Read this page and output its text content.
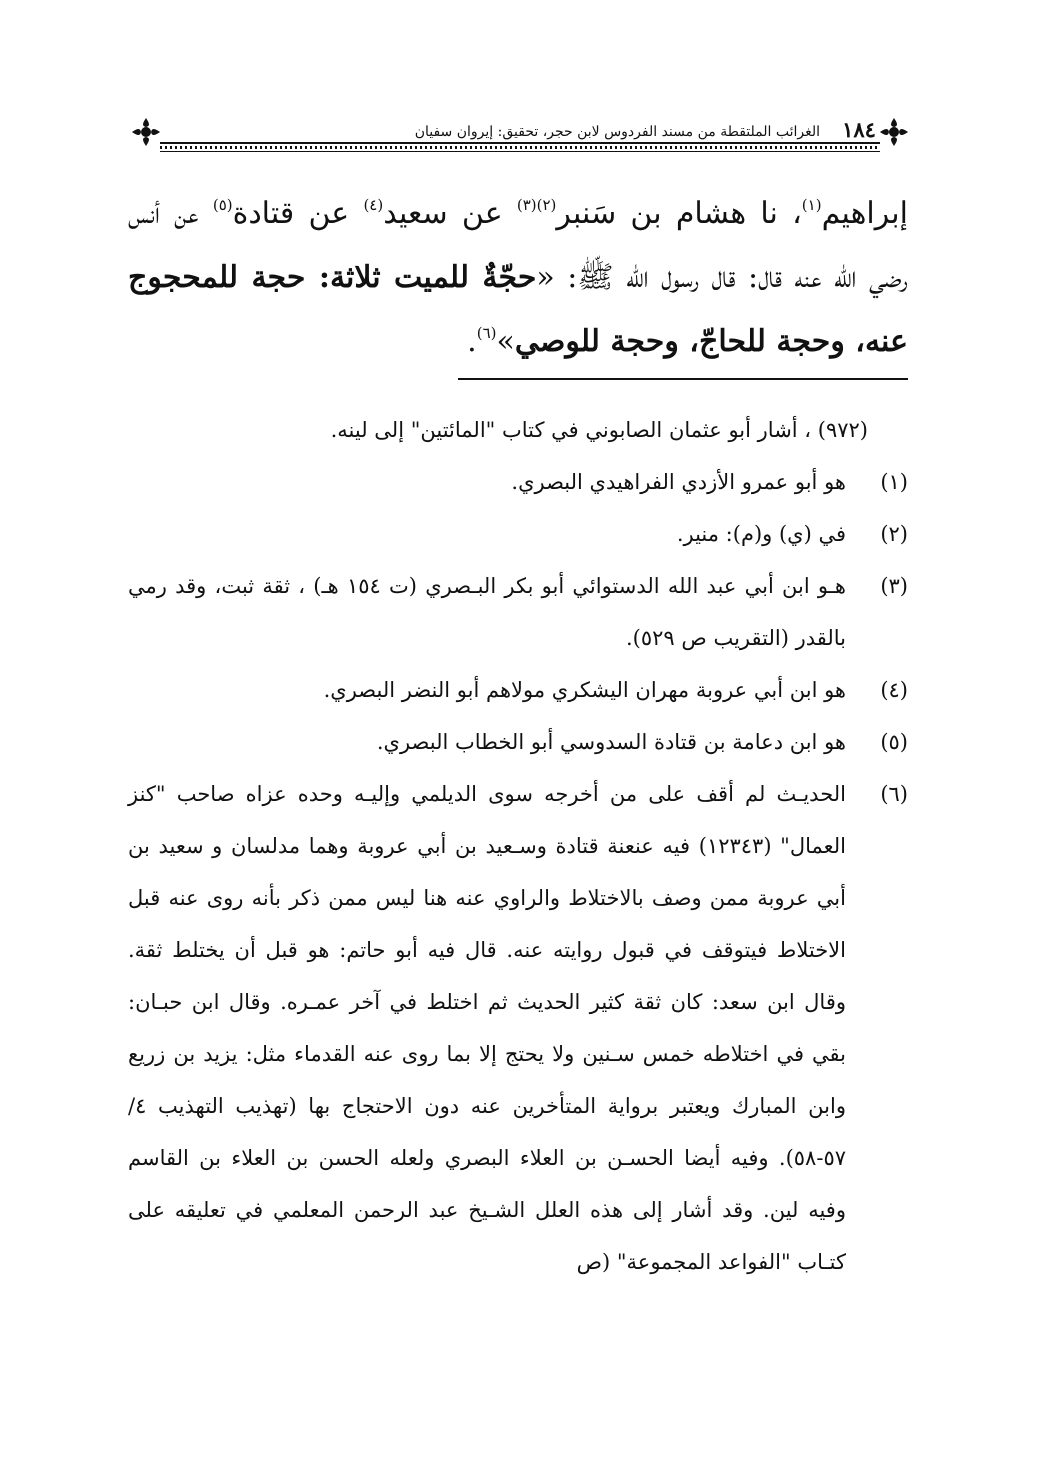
١٨٤
الغرائب الملتقطة من مسند الفردوس لابن حجر، تحقيق: إيروان سفيان
إبراهيم$^{(١)}$، نا هشام بن سَنبر$^{(٢)(٣)}$ عن سعيد$^{(٤)}$ عن قتادة$^{(٥)}$ عن أنس رضي الله عنه قال: قال رسول الله ﷺ: «حجّةٌ للميت ثلاثة: حجة للمحجوج عنه، وحجة للحاجّ، وحجة للوصي»$^{(٦)}$.
(٩٧٢) ، أشار أبو عثمان الصابوني في كتاب "المائتين" إلى لينه.
(١)
هو أبو عمرو الأزدي الفراهيدي البصري.
(٢)
في (ي) و(م): منير.
(٣)
هـو ابن أبي عبد الله الدستوائي أبو بكر البـصري (ت ١٥٤ هـ) ، ثقة ثبت، وقد رمي بالقدر (التقريب ص ٥٢٩).
(٤)
هو ابن أبي عروبة مهران اليشكري مولاهم أبو النضر البصري.
(٥)
هو ابن دعامة بن قتادة السدوسي أبو الخطاب البصري.
(٦)
الحديـث لم أقف على من أخرجه سوى الديلمي وإليـه وحده عزاه صاحب "كنز العمال" (١٢٣٤٣) فيه عنعنة قتادة وسـعيد بن أبي عروبة وهما مدلسان و سعيد بن أبي عروبة ممن وصف بالاختلاط والراوي عنه هنا ليس ممن ذكر بأنه روى عنه قبل الاختلاط فيتوقف في قبول روايته عنه. قال فيه أبو حاتم: هو قبل أن يختلط ثقة. وقال ابن سعد: كان ثقة كثير الحديث ثم اختلط في آخر عمـره. وقال ابن حبـان: بقي في اختلاطه خمس سـنين ولا يحتج إلا بما روى عنه القدماء مثل: يزيد بن زريع وابن المبارك ويعتبر برواية المتأخرين عنه دون الاحتجاج بها (تهذيب التهذيب ٤/ ٥٧-٥٨). وفيه أيضا الحسـن بن العلاء البصري ولعله الحسن بن العلاء بن القاسم وفيه لين. وقد أشار إلى هذه العلل الشـيخ عبد الرحمن المعلمي في تعليقه على كتـاب "الفواعد المجموعة" (ص
